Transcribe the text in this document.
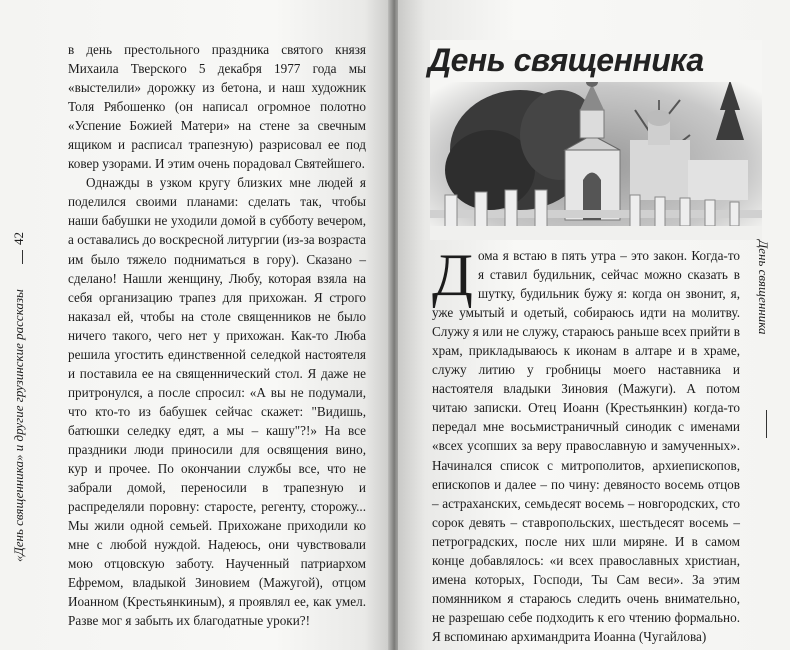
42
«День священника» и другие грузинские рассказы

в день престольного праздника святого князя Михаила Тверского 5 декабря 1977 года мы «выстелили» дорожку из бетона, и наш художник Толя Рябошенко (он написал огромное полотно «Успение Божией Матери» на стене за свечным ящиком и расписал трапезную) разрисовал ее под ковер узорами. И этим очень порадовал Святейшего.

Однажды в узком кругу близких мне людей я поделился своими планами: сделать так, чтобы наши бабушки не уходили домой в субботу вечером, а оставались до воскресной литургии (из-за возраста им было тяжело подниматься в гору). Сказано – сделано! Нашли женщину, Любу, которая взяла на себя организацию трапез для прихожан. Я строго наказал ей, чтобы на столе священников не было ничего такого, чего нет у прихожан. Как-то Люба решила угостить единственной селедкой настоятеля и поставила ее на священнический стол. Я даже не притронулся, а после спросил: «А вы не подумали, что кто-то из бабушек сейчас скажет: "Видишь, батюшки селедку едят, а мы – кашу"?!» На все праздники люди приносили для освящения вино, кур и прочее. По окончании службы все, что не забрали домой, переносили в трапезную и распределяли поровну: старосте, регенту, сторожу... Мы жили одной семьей. Прихожане приходили ко мне с любой нуждой. Надеюсь, они чувствовали мою отцовскую заботу. Наученный патриархом Ефремом, владыкой Зиновием (Мажугой), отцом Иоанном (Крестьянкиным), я проявлял ее, как умел. Разве мог я забыть их благодатные уроки?!

День священника

Дома я встаю в пять утра – это закон. Когда-то я ставил будильник, сейчас можно сказать в шутку, будильник бужу я: когда он звонит, я, уже умытый и одетый, собираюсь идти на молитву. Служу я или не служу, стараюсь раньше всех прийти в храм, прикладываюсь к иконам в алтаре и в храме, служу литию у гробницы моего наставника и настоятеля владыки Зиновия (Мажуги). А потом читаю записки. Отец Иоанн (Крестьянкин) когда-то передал мне восьмистраничный синодик с именами «всех усопших за веру православную и замученных». Начинался список с митрополитов, архиепископов, епископов и далее – по чину: девяносто восемь отцов – астраханских, семьдесят восемь – новгородских, сто сорок девять – ставропольских, шестьдесят восемь – петроградских, после них шли миряне. И в самом конце добавлялось: «и всех православных христиан, имена которых, Господи, Ты Сам веси». За этим помянником я стараюсь следить очень внимательно, не разрешаю себе подходить к его чтению формально. Я вспоминаю архимандрита Иоанна (Чугайлова)

День священника
